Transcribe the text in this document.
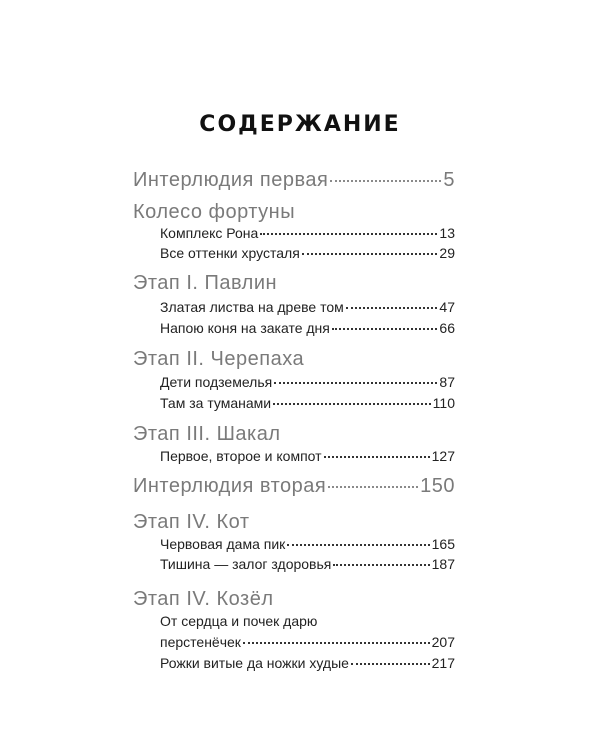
СОДЕРЖАНИЕ
Интерлюдия первая	5
Колесо фортуны
Комплекс Рона	13
Все оттенки хрусталя	29
Этап I. Павлин
Златая листва на древе том	47
Напою коня на закате дня	66
Этап II. Черепаха
Дети подземелья	87
Там за туманами	110
Этап III. Шакал
Первое, второе и компот	127
Интерлюдия вторая	150
Этап IV. Кот
Червовая дама пик	165
Тишина — залог здоровья	187
Этап IV. Козёл
От сердца и почек дарю
перстенёчек	207
Рожки витые да ножки худые	217
